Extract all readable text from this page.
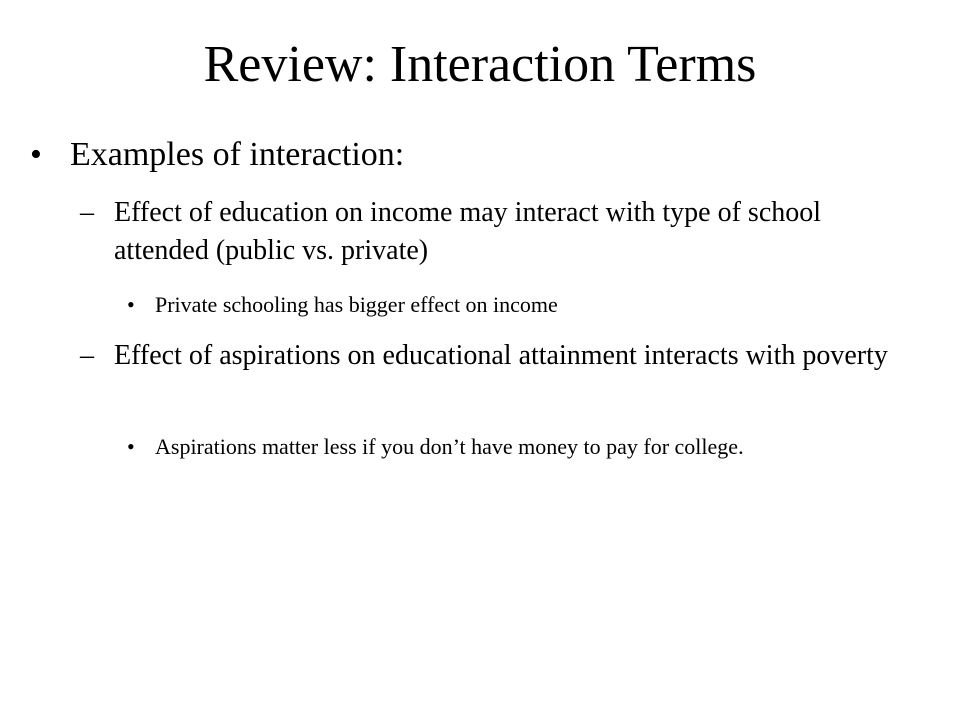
Review: Interaction Terms
• Examples of interaction:
– Effect of education on income may interact with type of school attended (public vs. private)
• Private schooling has bigger effect on income
– Effect of aspirations on educational attainment interacts with poverty
• Aspirations matter less if you don’t have money to pay for college.
